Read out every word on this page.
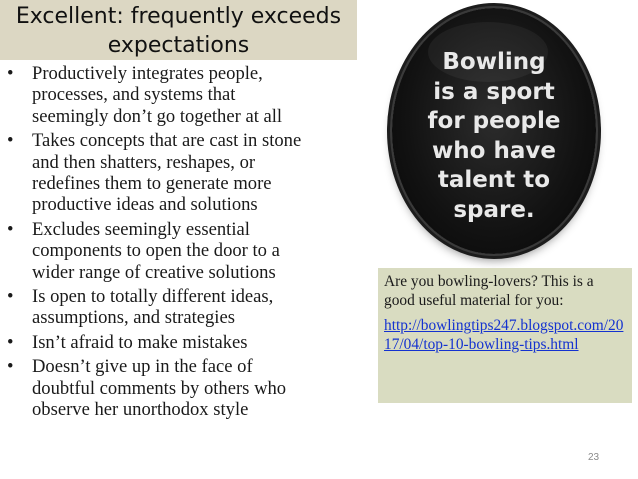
Excellent: frequently exceeds
expectations
• Productively integrates people,
processes, and systems that
seemingly don’t go together at all
• Takes concepts that are cast in stone
and then shatters, reshapes, or
redefines them to generate more
productive ideas and solutions
• Excludes seemingly essential
components to open the door to a
wider range of creative solutions
• Is open to totally different ideas,
assumptions, and strategies
• Isn’t afraid to make mistakes
• Doesn’t give up in the face of
doubtful comments by others who
observe her unorthodox style
Bowling
is a sport
for people
who have
talent to
spare.

Are you bowling-lovers? This is a good useful material for you:

http://bowlingtips247.blogspot.com/2017/04/top-10-bowling-tips.html
23
